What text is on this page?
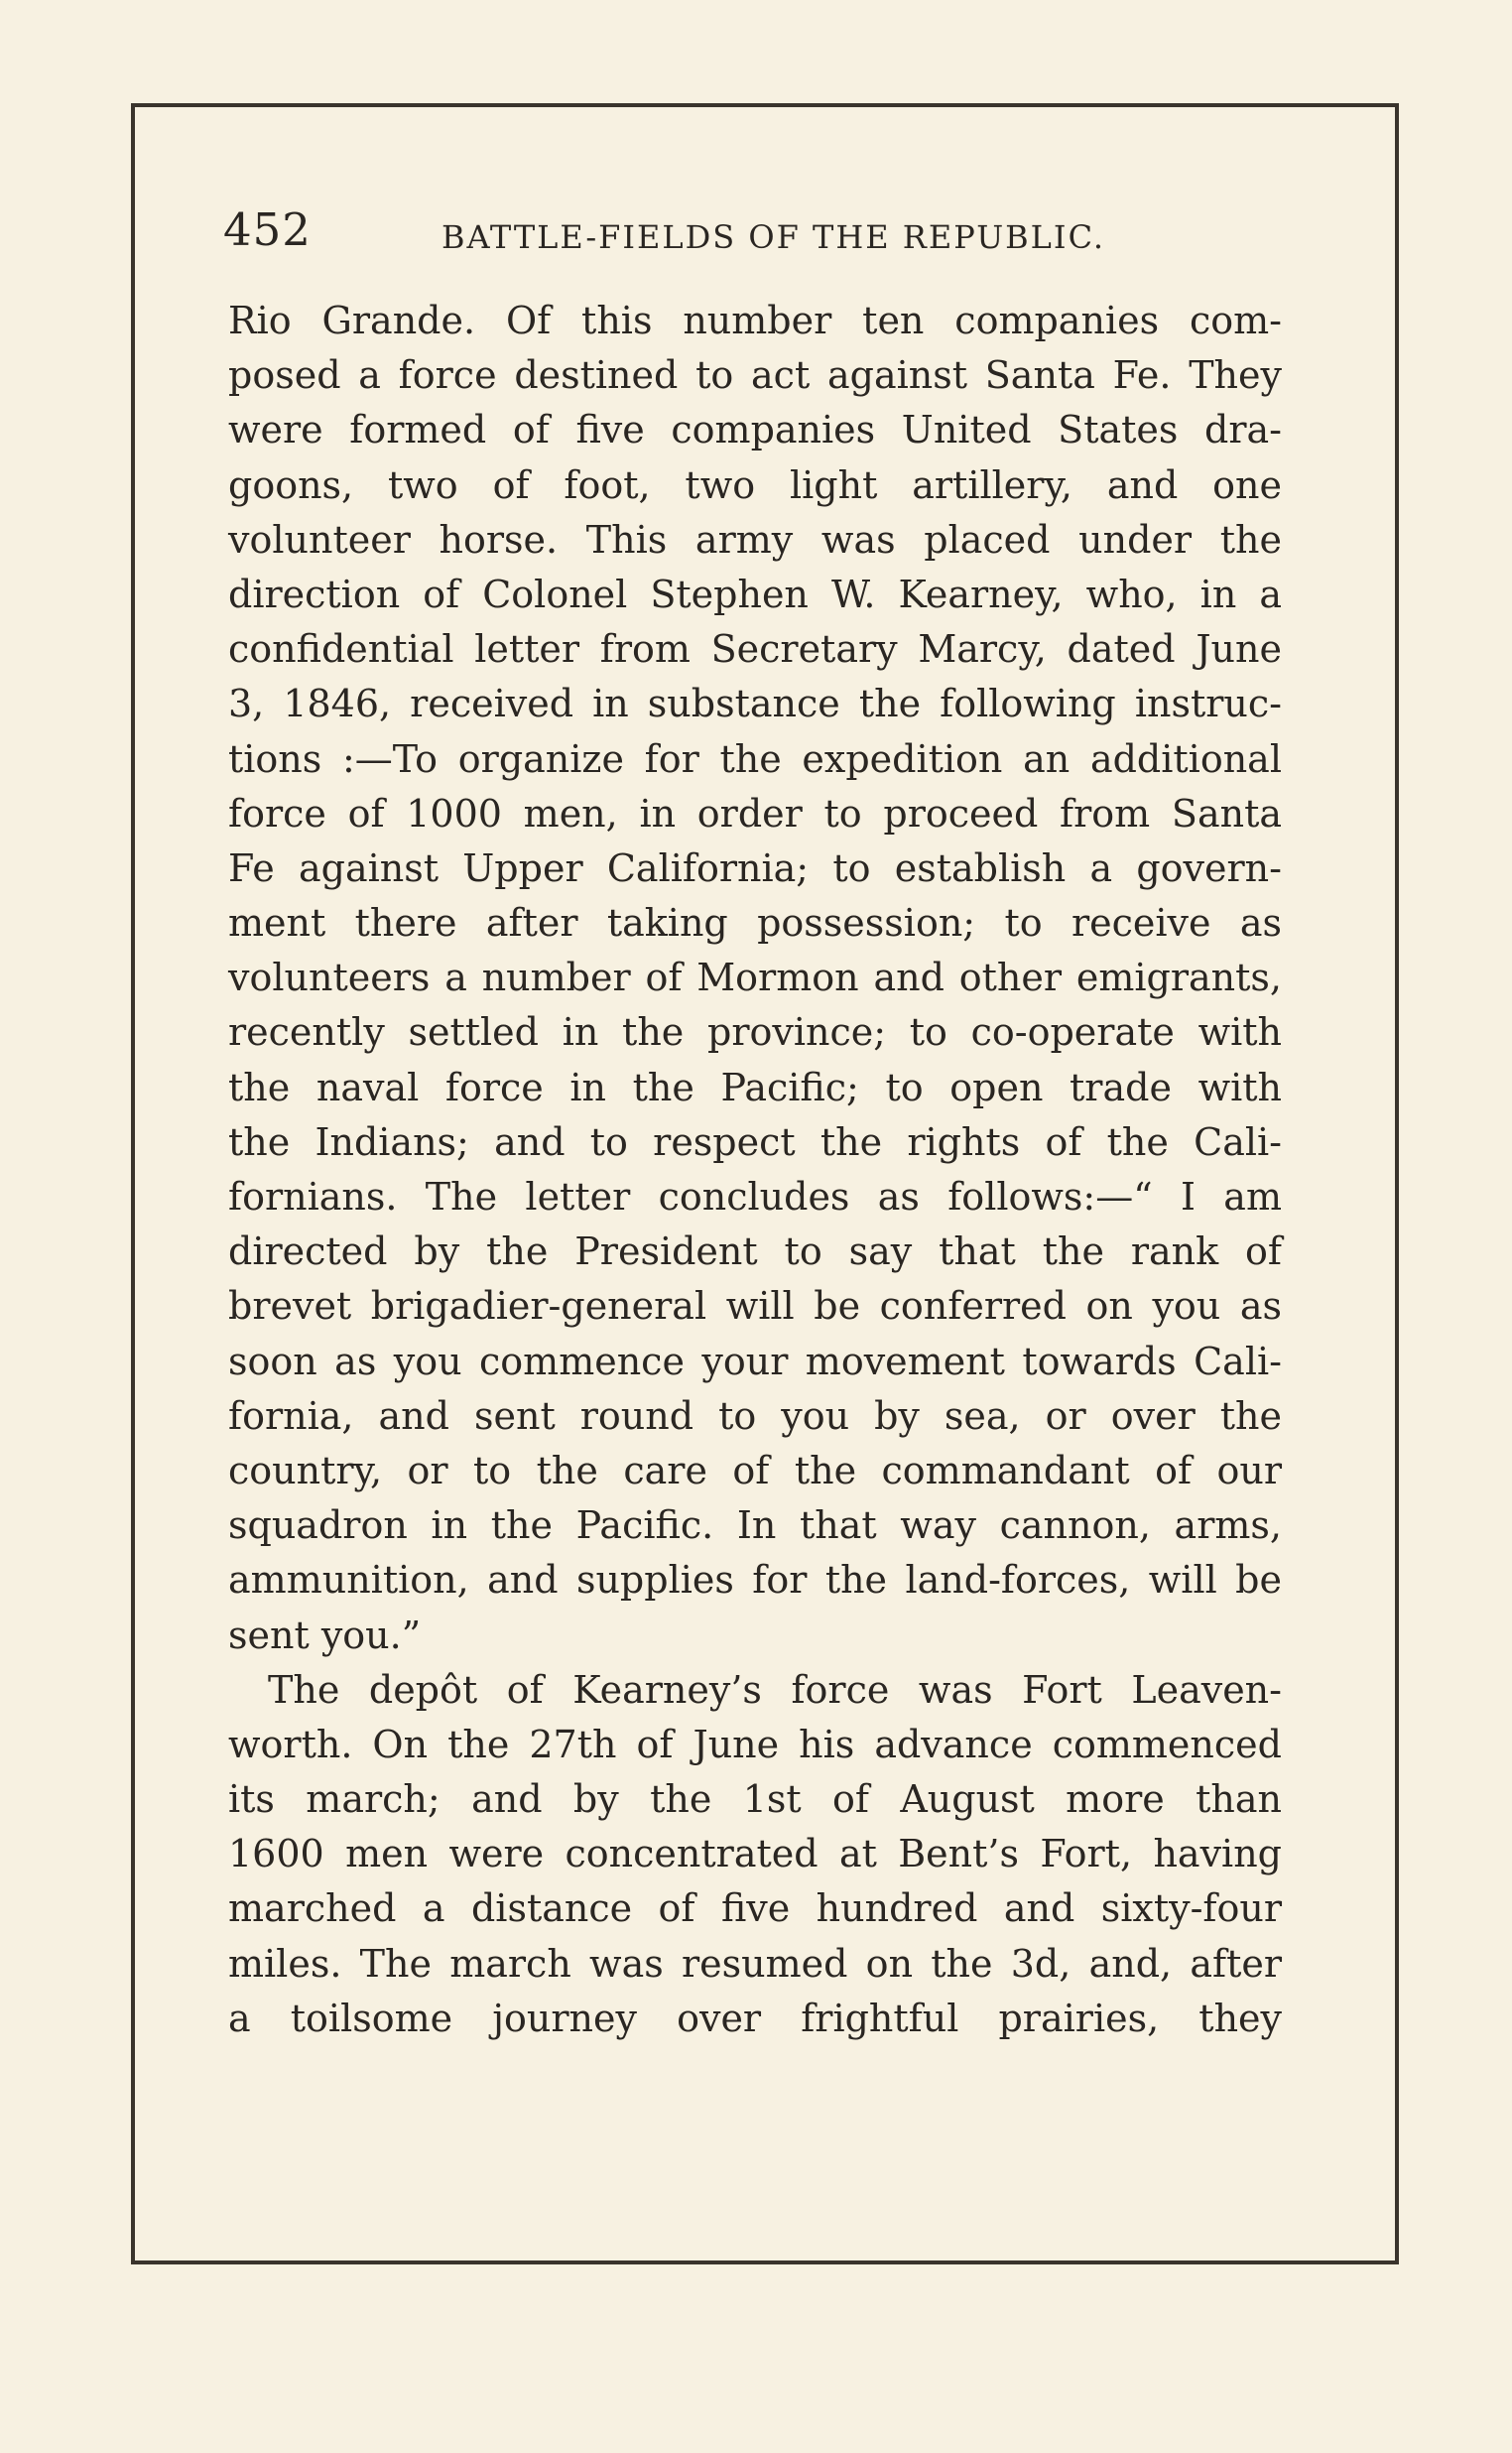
452	BATTLE-FIELDS OF THE REPUBLIC.
Rio Grande. Of this number ten companies com-
posed a force destined to act against Santa Fe. They
were formed of five companies United States dra-
goons, two of foot, two light artillery, and one
volunteer horse. This army was placed under the
direction of Colonel Stephen W. Kearney, who, in a
confidential letter from Secretary Marcy, dated June
3, 1846, received in substance the following instruc-
tions :—To organize for the expedition an additional
force of 1000 men, in order to proceed from Santa
Fe against Upper California; to establish a govern-
ment there after taking possession; to receive as
volunteers a number of Mormon and other emigrants,
recently settled in the province; to co-operate with
the naval force in the Pacific; to open trade with
the Indians; and to respect the rights of the Cali-
fornians. The letter concludes as follows:—“ I am
directed by the President to say that the rank of
brevet brigadier-general will be conferred on you as
soon as you commence your movement towards Cali-
fornia, and sent round to you by sea, or over the
country, or to the care of the commandant of our
squadron in the Pacific. In that way cannon, arms,
ammunition, and supplies for the land-forces, will be
sent you.”
The depôt of Kearney’s force was Fort Leaven-
worth. On the 27th of June his advance commenced
its march; and by the 1st of August more than
1600 men were concentrated at Bent’s Fort, having
marched a distance of five hundred and sixty-four
miles. The march was resumed on the 3d, and, after
a toilsome journey over frightful prairies, they
